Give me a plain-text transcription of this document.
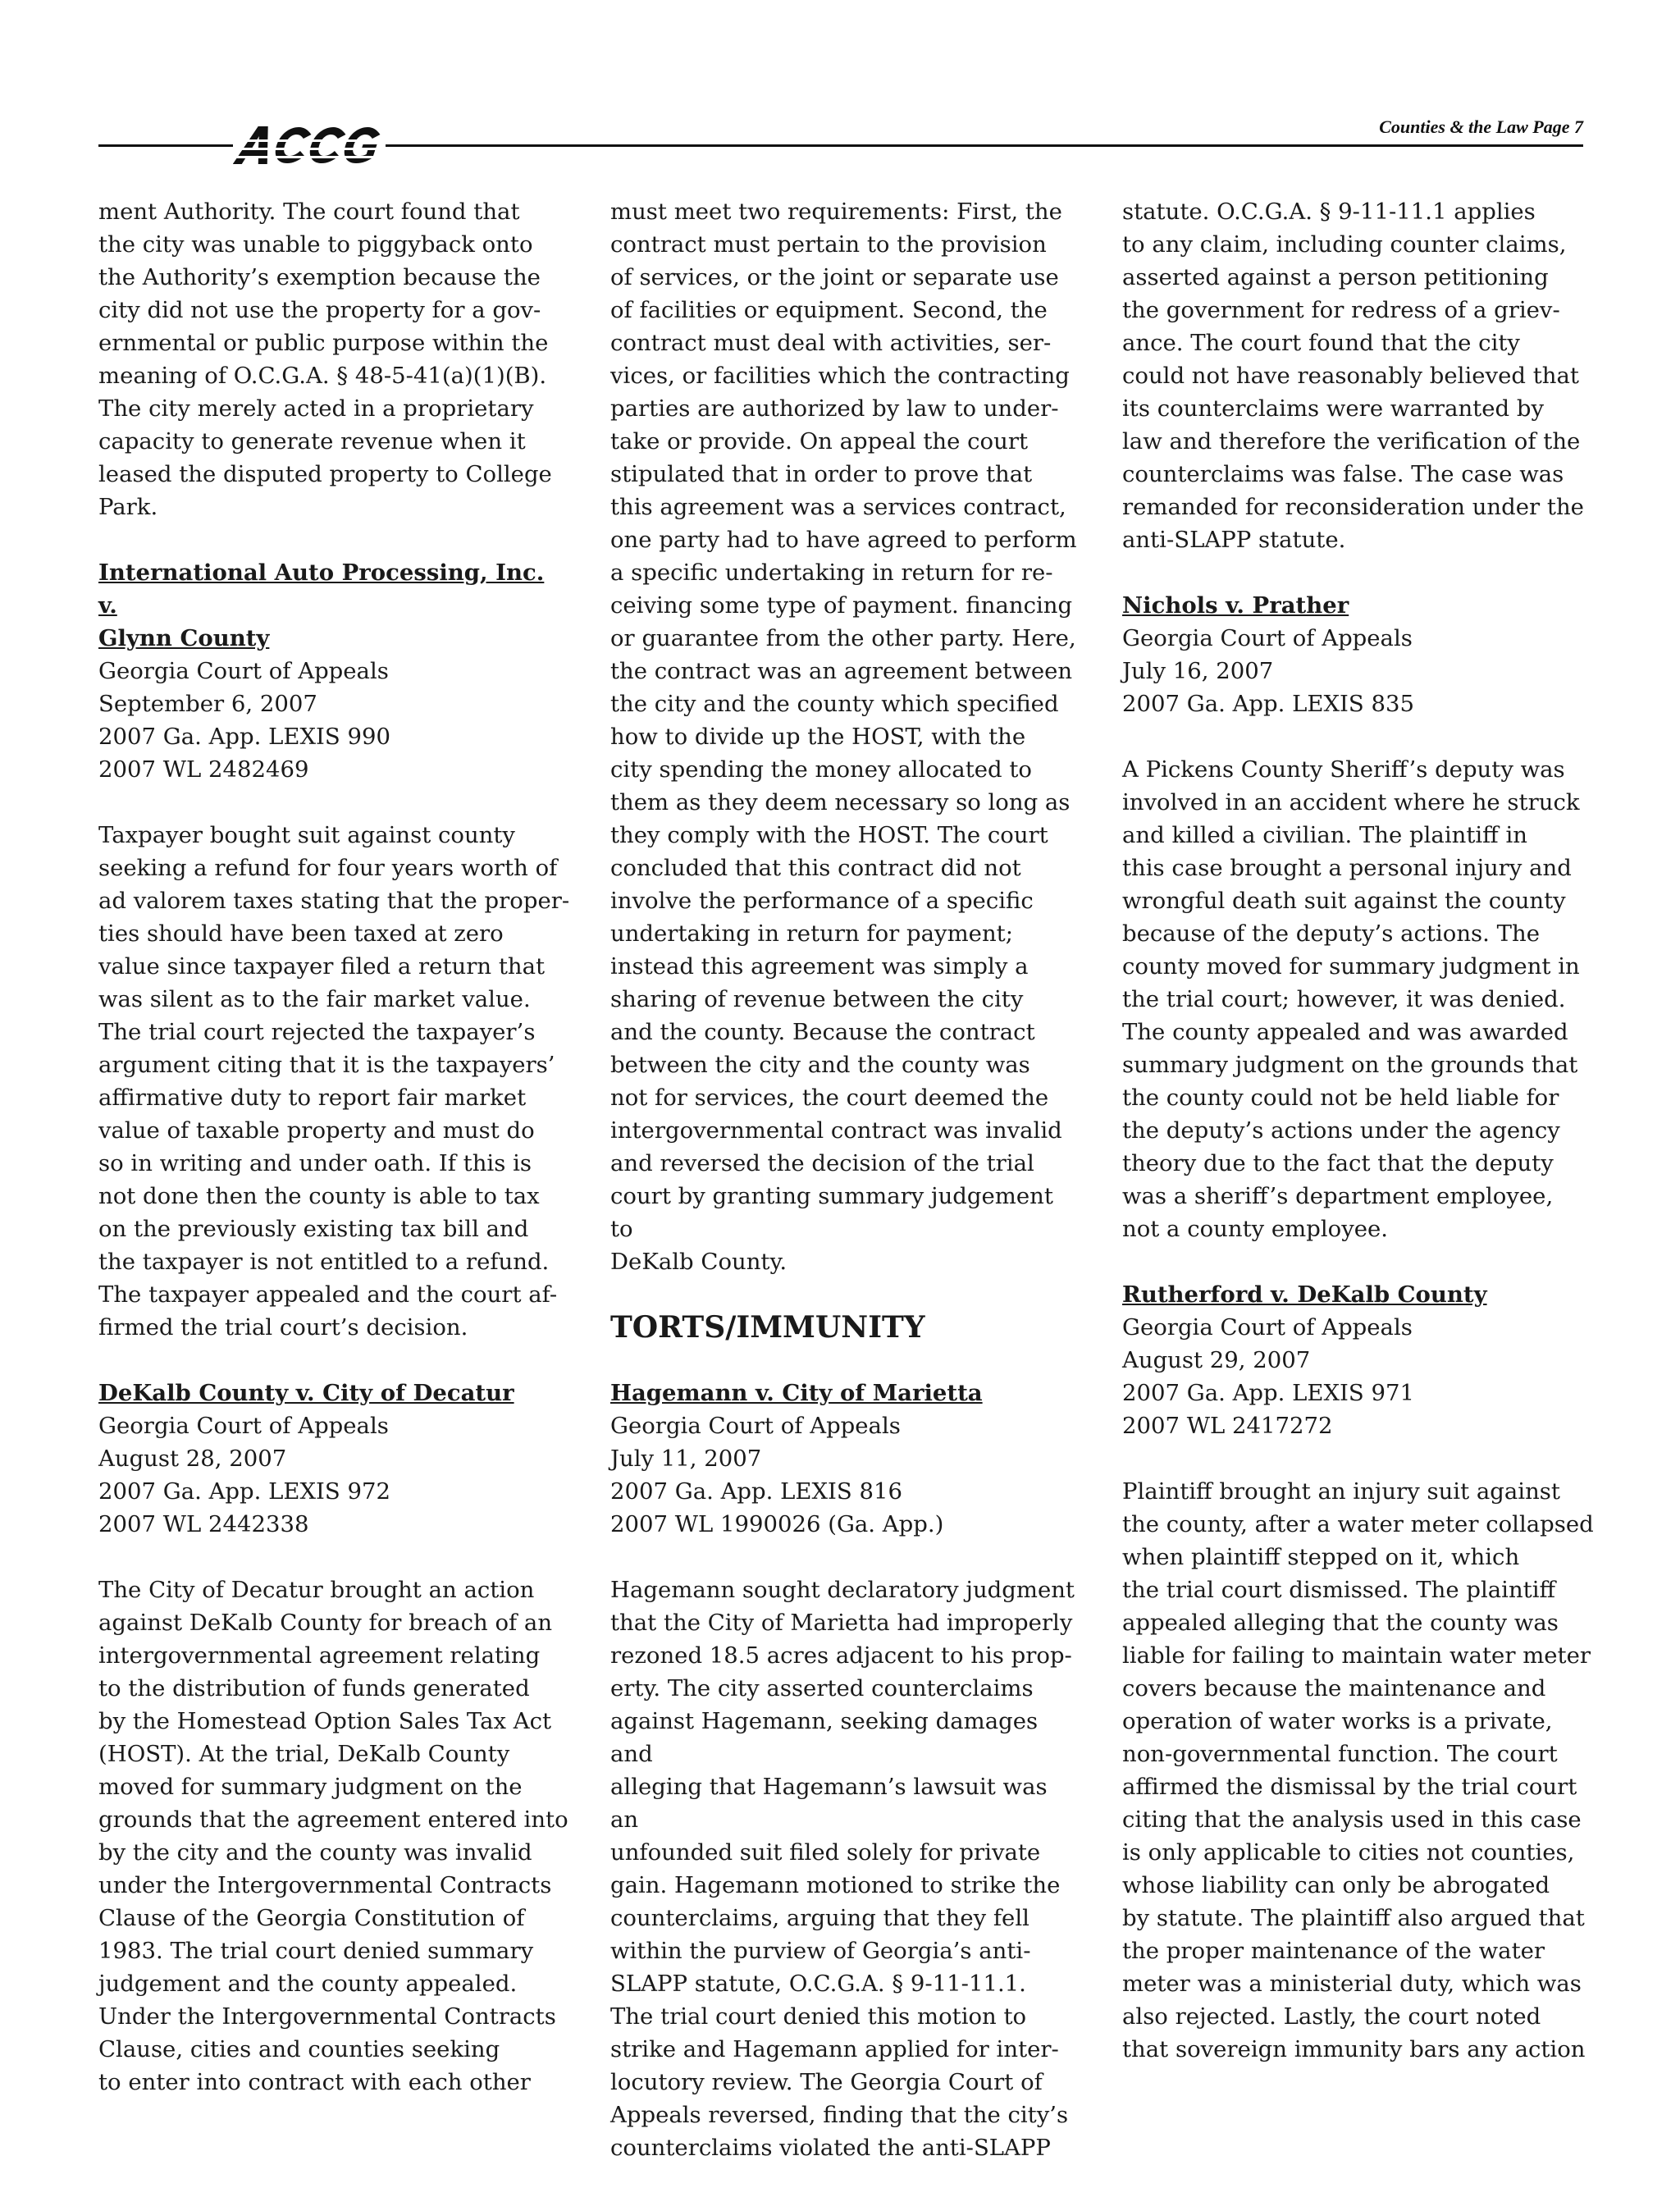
Counties & the Law Page 7

ment Authority. The court found that
the city was unable to piggyback onto
the Authority’s exemption because the
city did not use the property for a gov-
ernmental or public purpose within the
meaning of O.C.G.A. § 48-5-41(a)(1)(B).
The city merely acted in a proprietary
capacity to generate revenue when it
leased the disputed property to College
Park.

International Auto Processing, Inc. v.
Glynn County
Georgia Court of Appeals
September 6, 2007
2007 Ga. App. LEXIS 990
2007 WL 2482469

Taxpayer bought suit against county
seeking a refund for four years worth of
ad valorem taxes stating that the proper-
ties should have been taxed at zero
value since taxpayer filed a return that
was silent as to the fair market value.
The trial court rejected the taxpayer’s
argument citing that it is the taxpayers’
affirmative duty to report fair market
value of taxable property and must do
so in writing and under oath. If this is
not done then the county is able to tax
on the previously existing tax bill and
the taxpayer is not entitled to a refund.
The taxpayer appealed and the court af-
firmed the trial court’s decision.

DeKalb County v. City of Decatur
Georgia Court of Appeals
August 28, 2007
2007 Ga. App. LEXIS 972
2007 WL 2442338

The City of Decatur brought an action
against DeKalb County for breach of an
intergovernmental agreement relating
to the distribution of funds generated
by the Homestead Option Sales Tax Act
(HOST). At the trial, DeKalb County
moved for summary judgment on the
grounds that the agreement entered into
by the city and the county was invalid
under the Intergovernmental Contracts
Clause of the Georgia Constitution of
1983. The trial court denied summary
judgement and the county appealed.
Under the Intergovernmental Contracts
Clause, cities and counties seeking
to enter into contract with each other

must meet two requirements: First, the
contract must pertain to the provision
of services, or the joint or separate use
of facilities or equipment. Second, the
contract must deal with activities, ser-
vices, or facilities which the contracting
parties are authorized by law to under-
take or provide. On appeal the court
stipulated that in order to prove that
this agreement was a services contract,
one party had to have agreed to perform
a specific undertaking in return for re-
ceiving some type of payment. financing
or guarantee from the other party. Here,
the contract was an agreement between
the city and the county which specified
how to divide up the HOST, with the
city spending the money allocated to
them as they deem necessary so long as
they comply with the HOST. The court
concluded that this contract did not
involve the performance of a specific
undertaking in return for payment;
instead this agreement was simply a
sharing of revenue between the city
and the county. Because the contract
between the city and the county was
not for services, the court deemed the
intergovernmental contract was invalid
and reversed the decision of the trial
court by granting summary judgement to
DeKalb County.

TORTS/IMMUNITY
Hagemann v. City of Marietta
Georgia Court of Appeals
July 11, 2007
2007 Ga. App. LEXIS 816
2007 WL 1990026 (Ga. App.)

Hagemann sought declaratory judgment
that the City of Marietta had improperly
rezoned 18.5 acres adjacent to his prop-
erty. The city asserted counterclaims
against Hagemann, seeking damages and
alleging that Hagemann’s lawsuit was an
unfounded suit filed solely for private
gain. Hagemann motioned to strike the
counterclaims, arguing that they fell
within the purview of Georgia’s anti-
SLAPP statute, O.C.G.A. § 9-11-11.1.
The trial court denied this motion to
strike and Hagemann applied for inter-
locutory review. The Georgia Court of
Appeals reversed, finding that the city’s
counterclaims violated the anti-SLAPP

statute. O.C.G.A. § 9-11-11.1 applies
to any claim, including counter claims,
asserted against a person petitioning
the government for redress of a griev-
ance. The court found that the city
could not have reasonably believed that
its counterclaims were warranted by
law and therefore the verification of the
counterclaims was false. The case was
remanded for reconsideration under the
anti-SLAPP statute.

Nichols v. Prather
Georgia Court of Appeals
July 16, 2007
2007 Ga. App. LEXIS 835

A Pickens County Sheriff’s deputy was
involved in an accident where he struck
and killed a civilian. The plaintiff in
this case brought a personal injury and
wrongful death suit against the county
because of the deputy’s actions. The
county moved for summary judgment in
the trial court; however, it was denied.
The county appealed and was awarded
summary judgment on the grounds that
the county could not be held liable for
the deputy’s actions under the agency
theory due to the fact that the deputy
was a sheriff’s department employee,
not a county employee.

Rutherford v. DeKalb County
Georgia Court of Appeals
August 29, 2007
2007 Ga. App. LEXIS 971
2007 WL 2417272

Plaintiff brought an injury suit against
the county, after a water meter collapsed
when plaintiff stepped on it, which
the trial court dismissed. The plaintiff
appealed alleging that the county was
liable for failing to maintain water meter
covers because the maintenance and
operation of water works is a private,
non-governmental function. The court
affirmed the dismissal by the trial court
citing that the analysis used in this case
is only applicable to cities not counties,
whose liability can only be abrogated
by statute. The plaintiff also argued that
the proper maintenance of the water
meter was a ministerial duty, which was
also rejected. Lastly, the court noted
that sovereign immunity bars any action
